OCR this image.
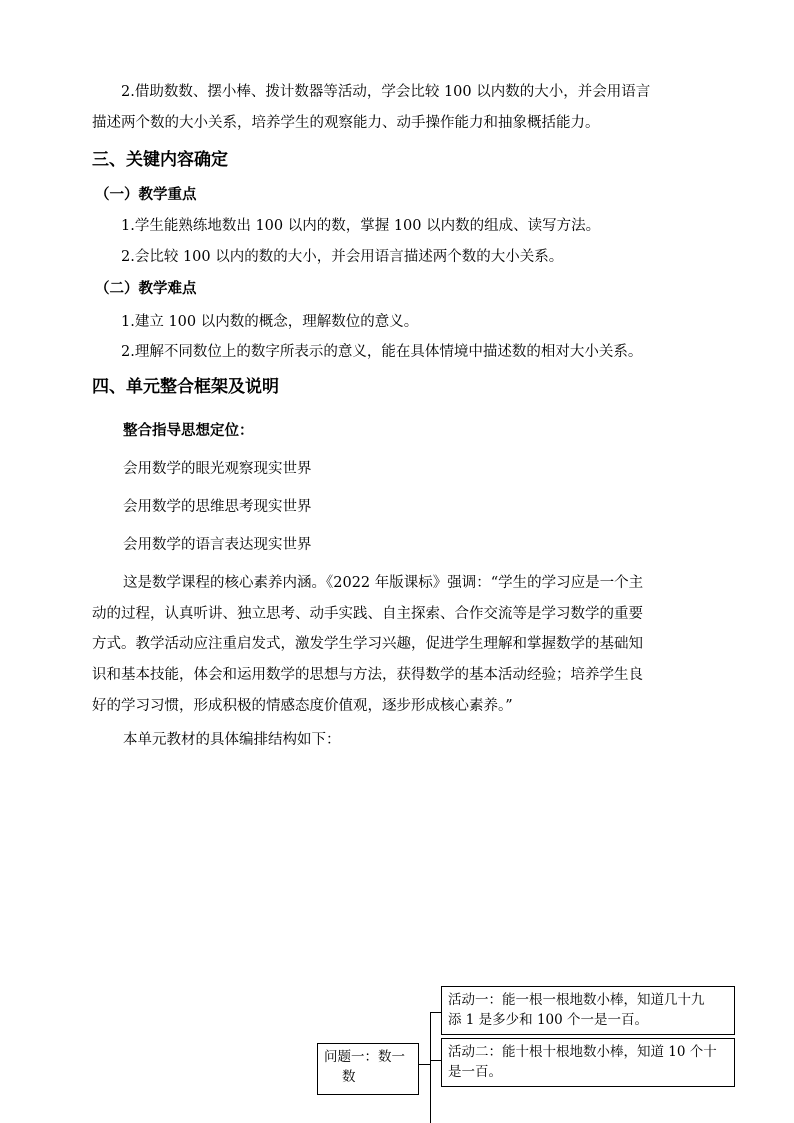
2.借助数数、摆小棒、拨计数器等活动，学会比较 100 以内数的大小，并会用语言
描述两个数的大小关系，培养学生的观察能力、动手操作能力和抽象概括能力。
三、关键内容确定
（一）教学重点
1.学生能熟练地数出 100 以内的数，掌握 100 以内数的组成、读写方法。
2.会比较 100 以内的数的大小，并会用语言描述两个数的大小关系。
（二）教学难点
1.建立 100 以内数的概念，理解数位的意义。
2.理解不同数位上的数字所表示的意义，能在具体情境中描述数的相对大小关系。
四、单元整合框架及说明
整合指导思想定位：
会用数学的眼光观察现实世界
会用数学的思维思考现实世界
会用数学的语言表达现实世界
这是数学课程的核心素养内涵。《2022 年版课标》强调：“学生的学习应是一个主
动的过程，认真听讲、独立思考、动手实践、自主探索、合作交流等是学习数学的重要
方式。教学活动应注重启发式，激发学生学习兴趣，促进学生理解和掌握数学的基础知
识和基本技能，体会和运用数学的思想与方法，获得数学的基本活动经验；培养学生良
好的学习习惯，形成积极的情感态度价值观，逐步形成核心素养。”
本单元教材的具体编排结构如下：
问题一：数一
数
活动一：能一根一根地数小棒，知道几十九
添 1 是多少和 100 个一是一百。
活动二：能十根十根地数小棒，知道 10 个十
是一百。
